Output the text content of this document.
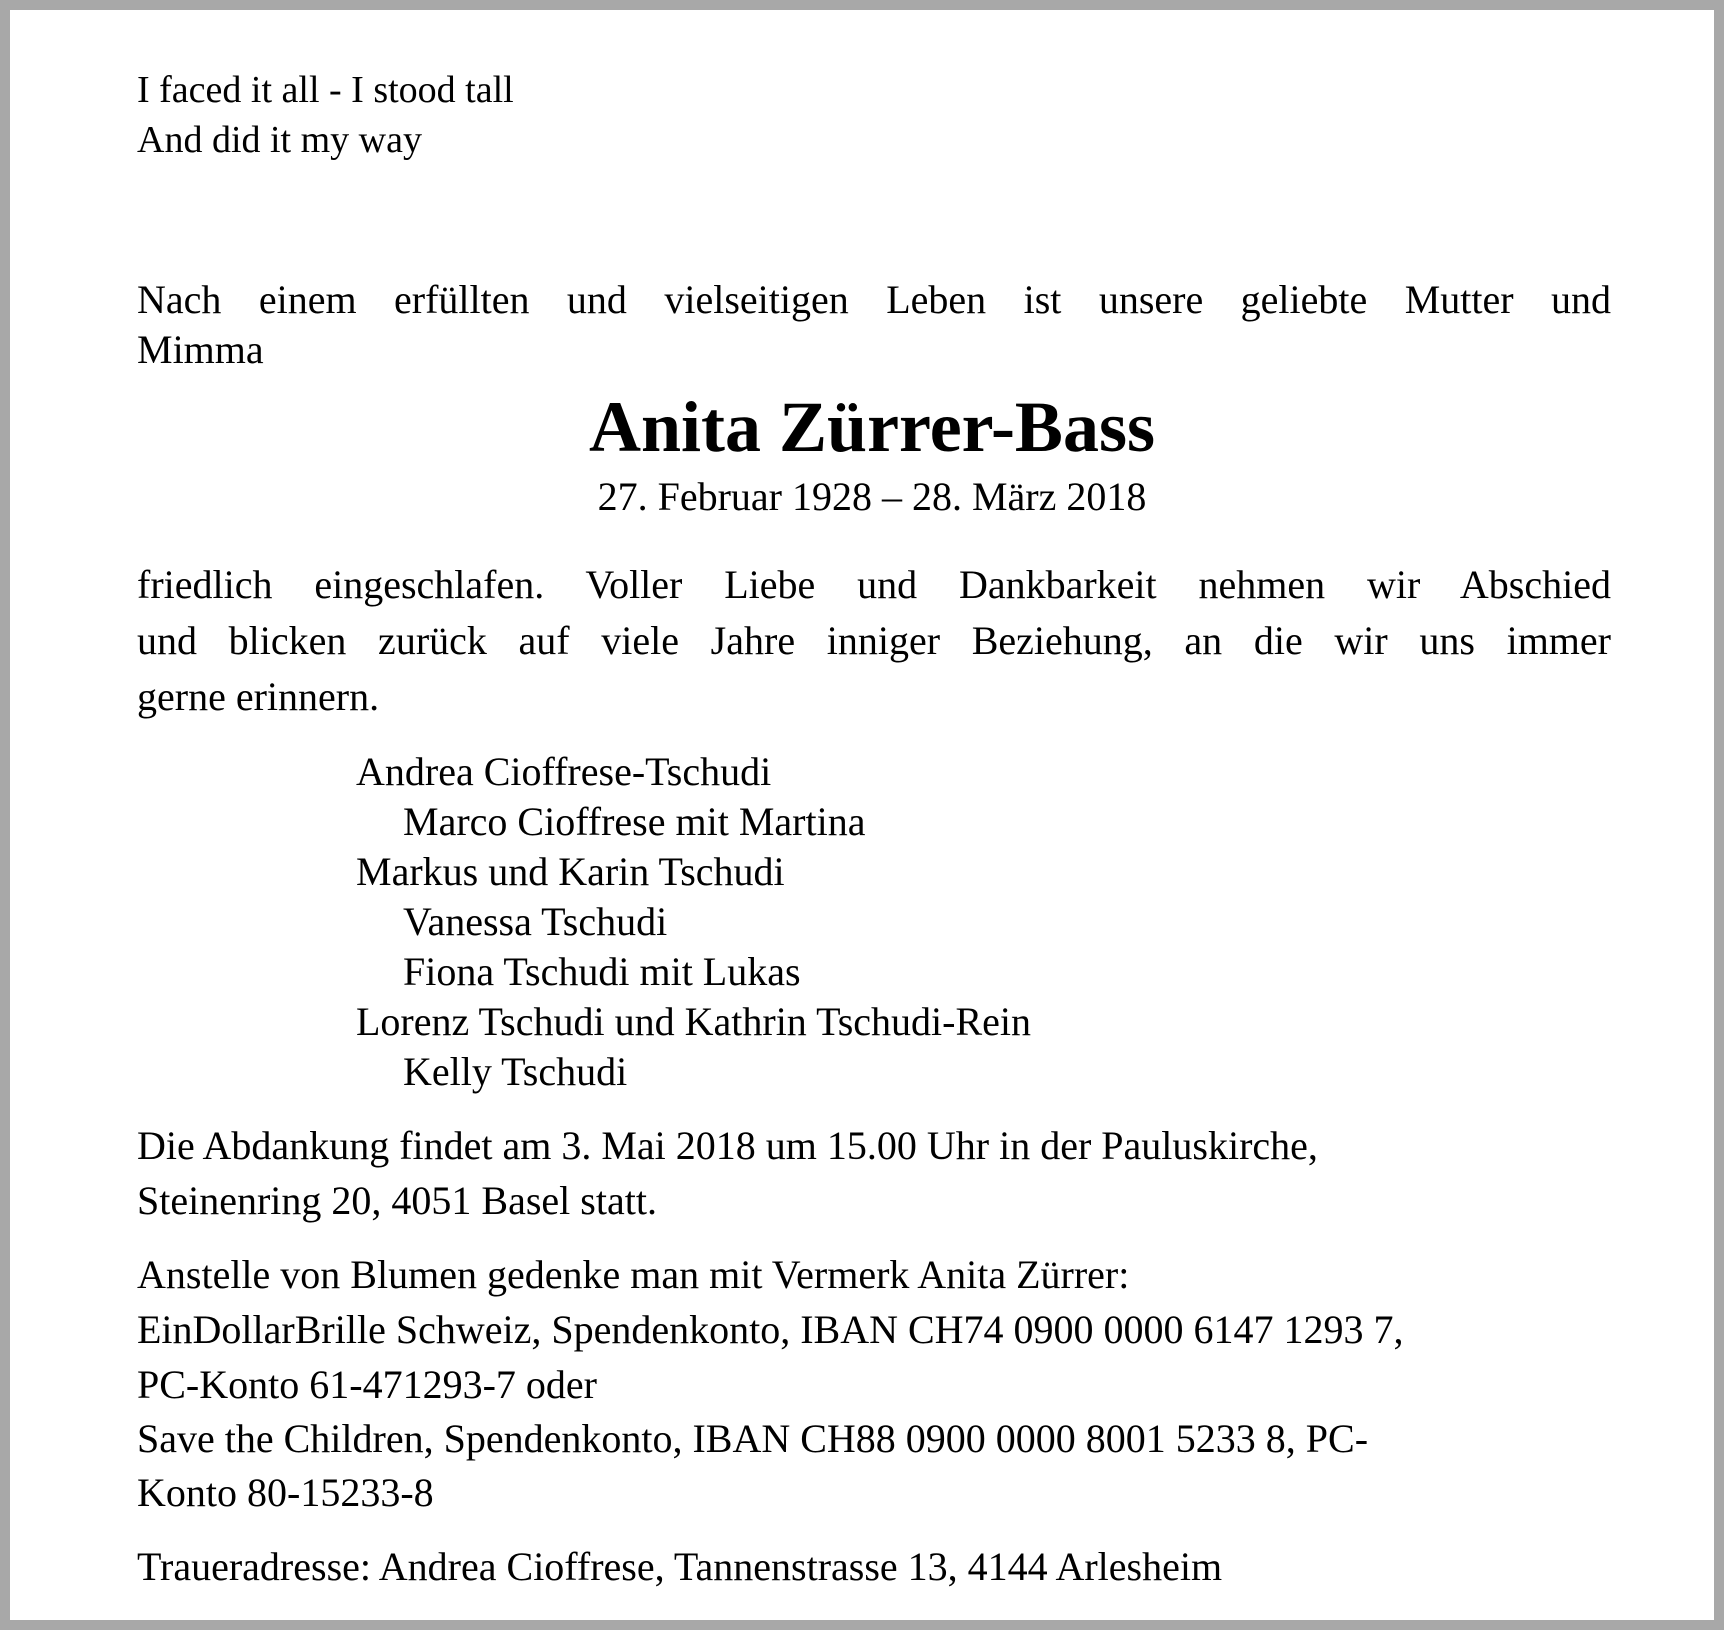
I faced it all - I stood tall
And did it my way
Nach einem erfüllten und vielseitigen Leben ist unsere geliebte Mutter und
Mimma
Anita Zürrer-Bass
27. Februar 1928 – 28. März 2018
friedlich eingeschlafen. Voller Liebe und Dankbarkeit nehmen wir Abschied
und blicken zurück auf viele Jahre inniger Beziehung, an die wir uns immer
gerne erinnern.
Andrea Cioffrese-Tschudi
Marco Cioffrese mit Martina
Markus und Karin Tschudi
Vanessa Tschudi
Fiona Tschudi mit Lukas
Lorenz Tschudi und Kathrin Tschudi-Rein
Kelly Tschudi
Die Abdankung findet am 3. Mai 2018 um 15.00 Uhr in der Pauluskirche,
Steinenring 20, 4051 Basel statt.
Anstelle von Blumen gedenke man mit Vermerk Anita Zürrer:
EinDollarBrille Schweiz, Spendenkonto, IBAN CH74 0900 0000 6147 1293 7,
PC-Konto 61-471293-7 oder
Save the Children, Spendenkonto, IBAN CH88 0900 0000 8001 5233 8, PC-
Konto 80-15233-8
Traueradresse: Andrea Cioffrese, Tannenstrasse 13, 4144 Arlesheim
